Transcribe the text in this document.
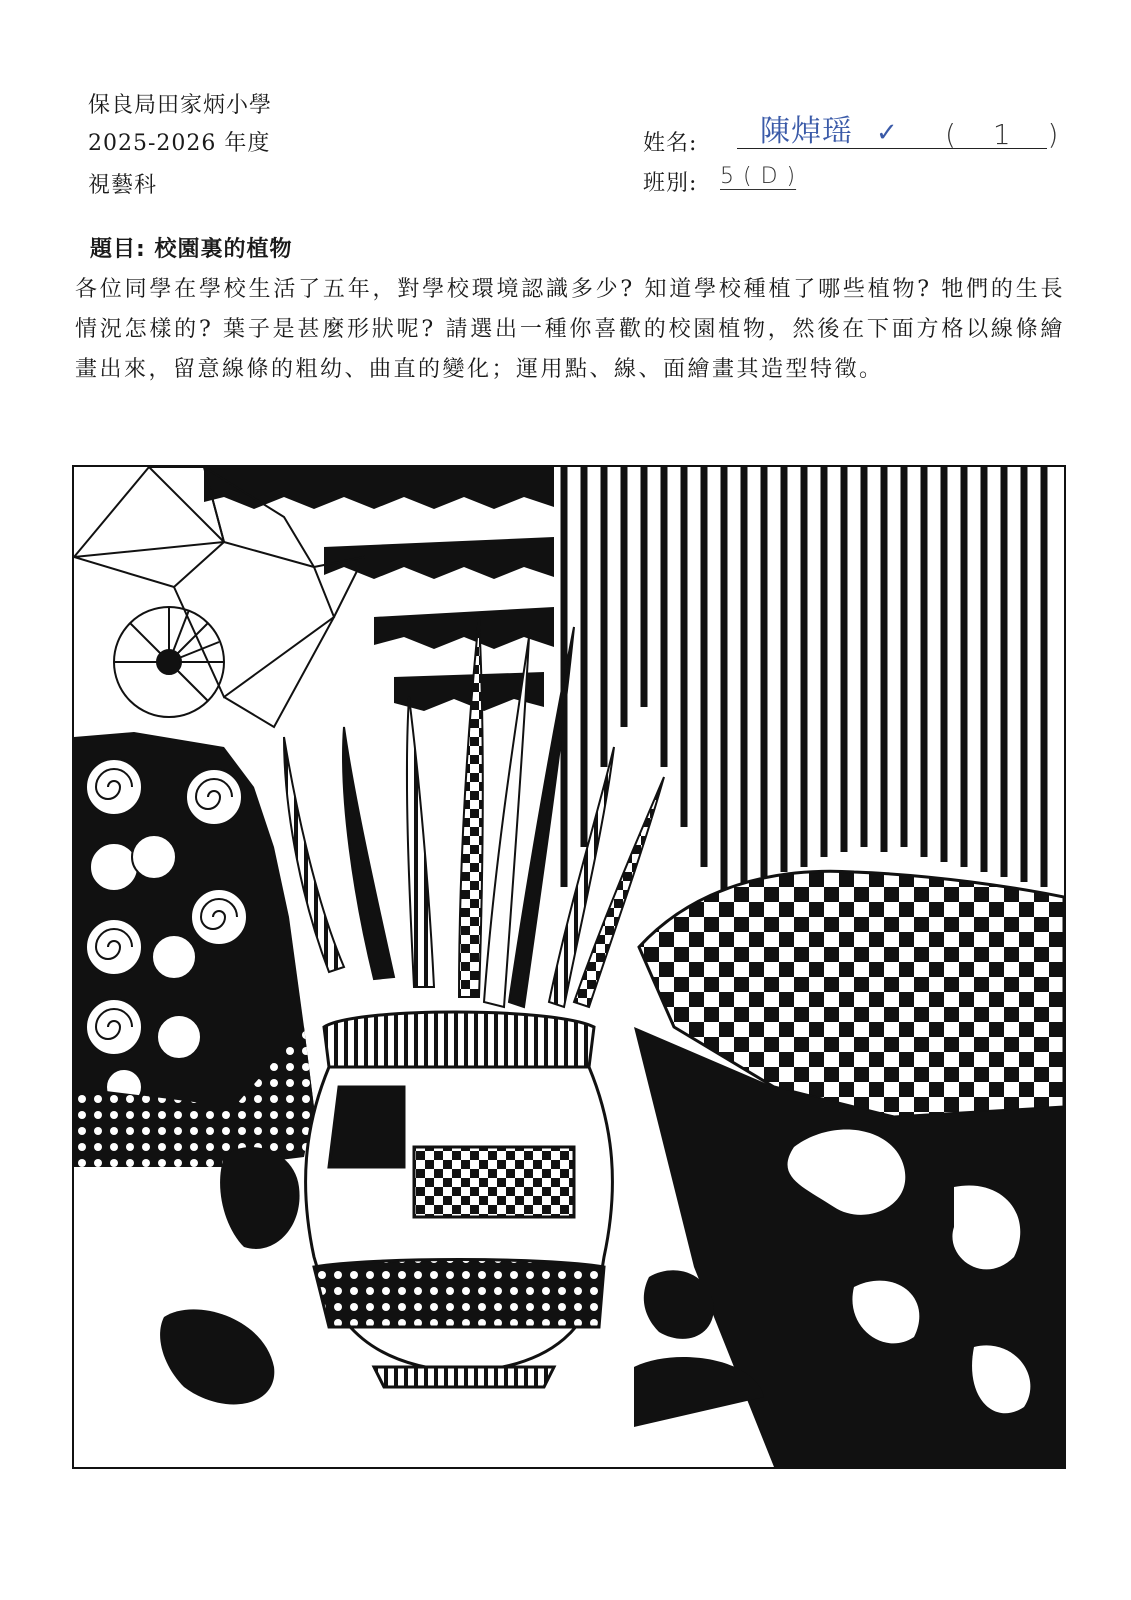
保良局田家炳小學
2025-2026 年度
視藝科
姓名: 陳焯瑶 ✓ ( 1 )
班別: 5 ( D )
題目: 校園裏的植物
各位同學在學校生活了五年，對學校環境認識多少? 知道學校種植了哪些植物? 牠們的生長情況怎樣的? 葉子是甚麼形狀呢? 請選出一種你喜歡的校園植物，然後在下面方格以線條繪畫出來，留意線條的粗幼、曲直的變化；運用點、線、面繪畫其造型特徵。
